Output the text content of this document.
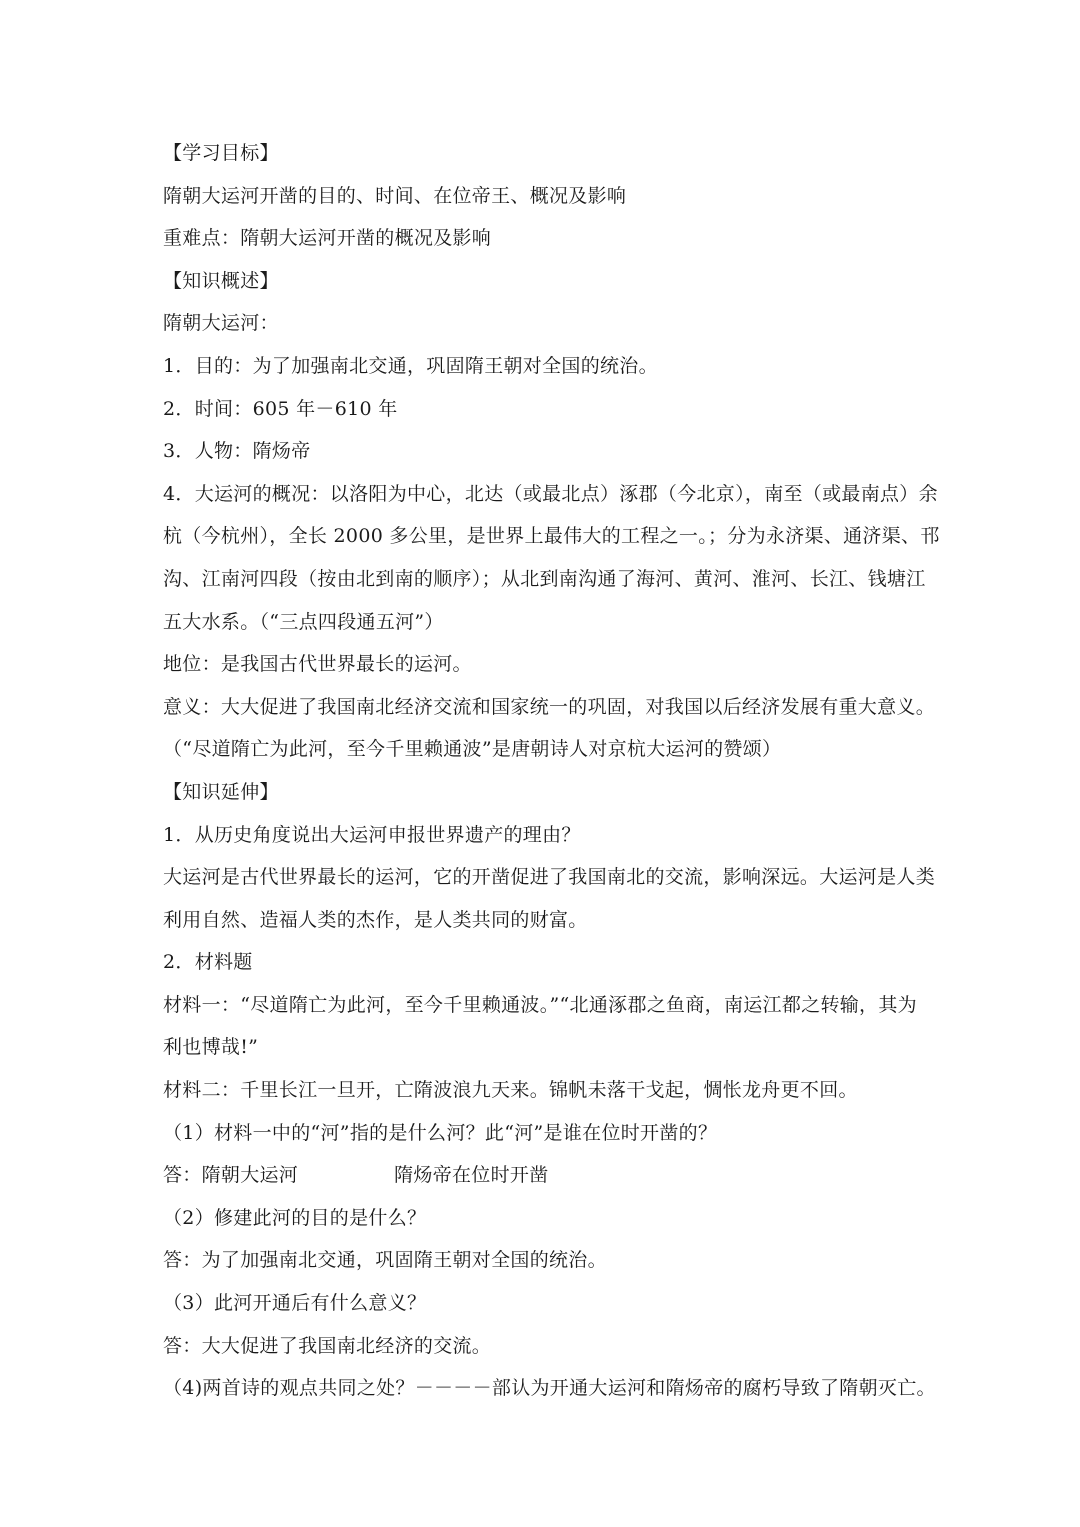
【学习目标】
隋朝大运河开凿的目的、时间、在位帝王、概况及影响
重难点：隋朝大运河开凿的概况及影响
【知识概述】
隋朝大运河：
1．目的：为了加强南北交通，巩固隋王朝对全国的统治。
2．时间：605 年－610 年
3．人物：隋炀帝
4．大运河的概况：以洛阳为中心，北达（或最北点）涿郡（今北京），南至（或最南点）余
杭（今杭州），全长 2000 多公里，是世界上最伟大的工程之一。；分为永济渠、通济渠、邗
沟、江南河四段（按由北到南的顺序）；从北到南沟通了海河、黄河、淮河、长江、钱塘江
五大水系。（“三点四段通五河”）
地位：是我国古代世界最长的运河。
意义：大大促进了我国南北经济交流和国家统一的巩固，对我国以后经济发展有重大意义。
（“尽道隋亡为此河，至今千里赖通波”是唐朝诗人对京杭大运河的赞颂）
【知识延伸】
1．从历史角度说出大运河申报世界遗产的理由？
大运河是古代世界最长的运河，它的开凿促进了我国南北的交流，影响深远。大运河是人类
利用自然、造福人类的杰作，是人类共同的财富。
2．材料题
材料一：“尽道隋亡为此河，至今千里赖通波。”“北通涿郡之鱼商，南运江都之转输，其为
利也博哉!”
材料二：千里长江一旦开，亡隋波浪九天来。锦帆未落干戈起，惆怅龙舟更不回。
（1）材料一中的“河”指的是什么河？此“河”是谁在位时开凿的？
答：隋朝大运河	隋炀帝在位时开凿
（2）修建此河的目的是什么？
答：为了加强南北交通，巩固隋王朝对全国的统治。
（3）此河开通后有什么意义？
答：大大促进了我国南北经济的交流。
（4)两首诗的观点共同之处？－－－－部认为开通大运河和隋炀帝的腐朽导致了隋朝灭亡。
